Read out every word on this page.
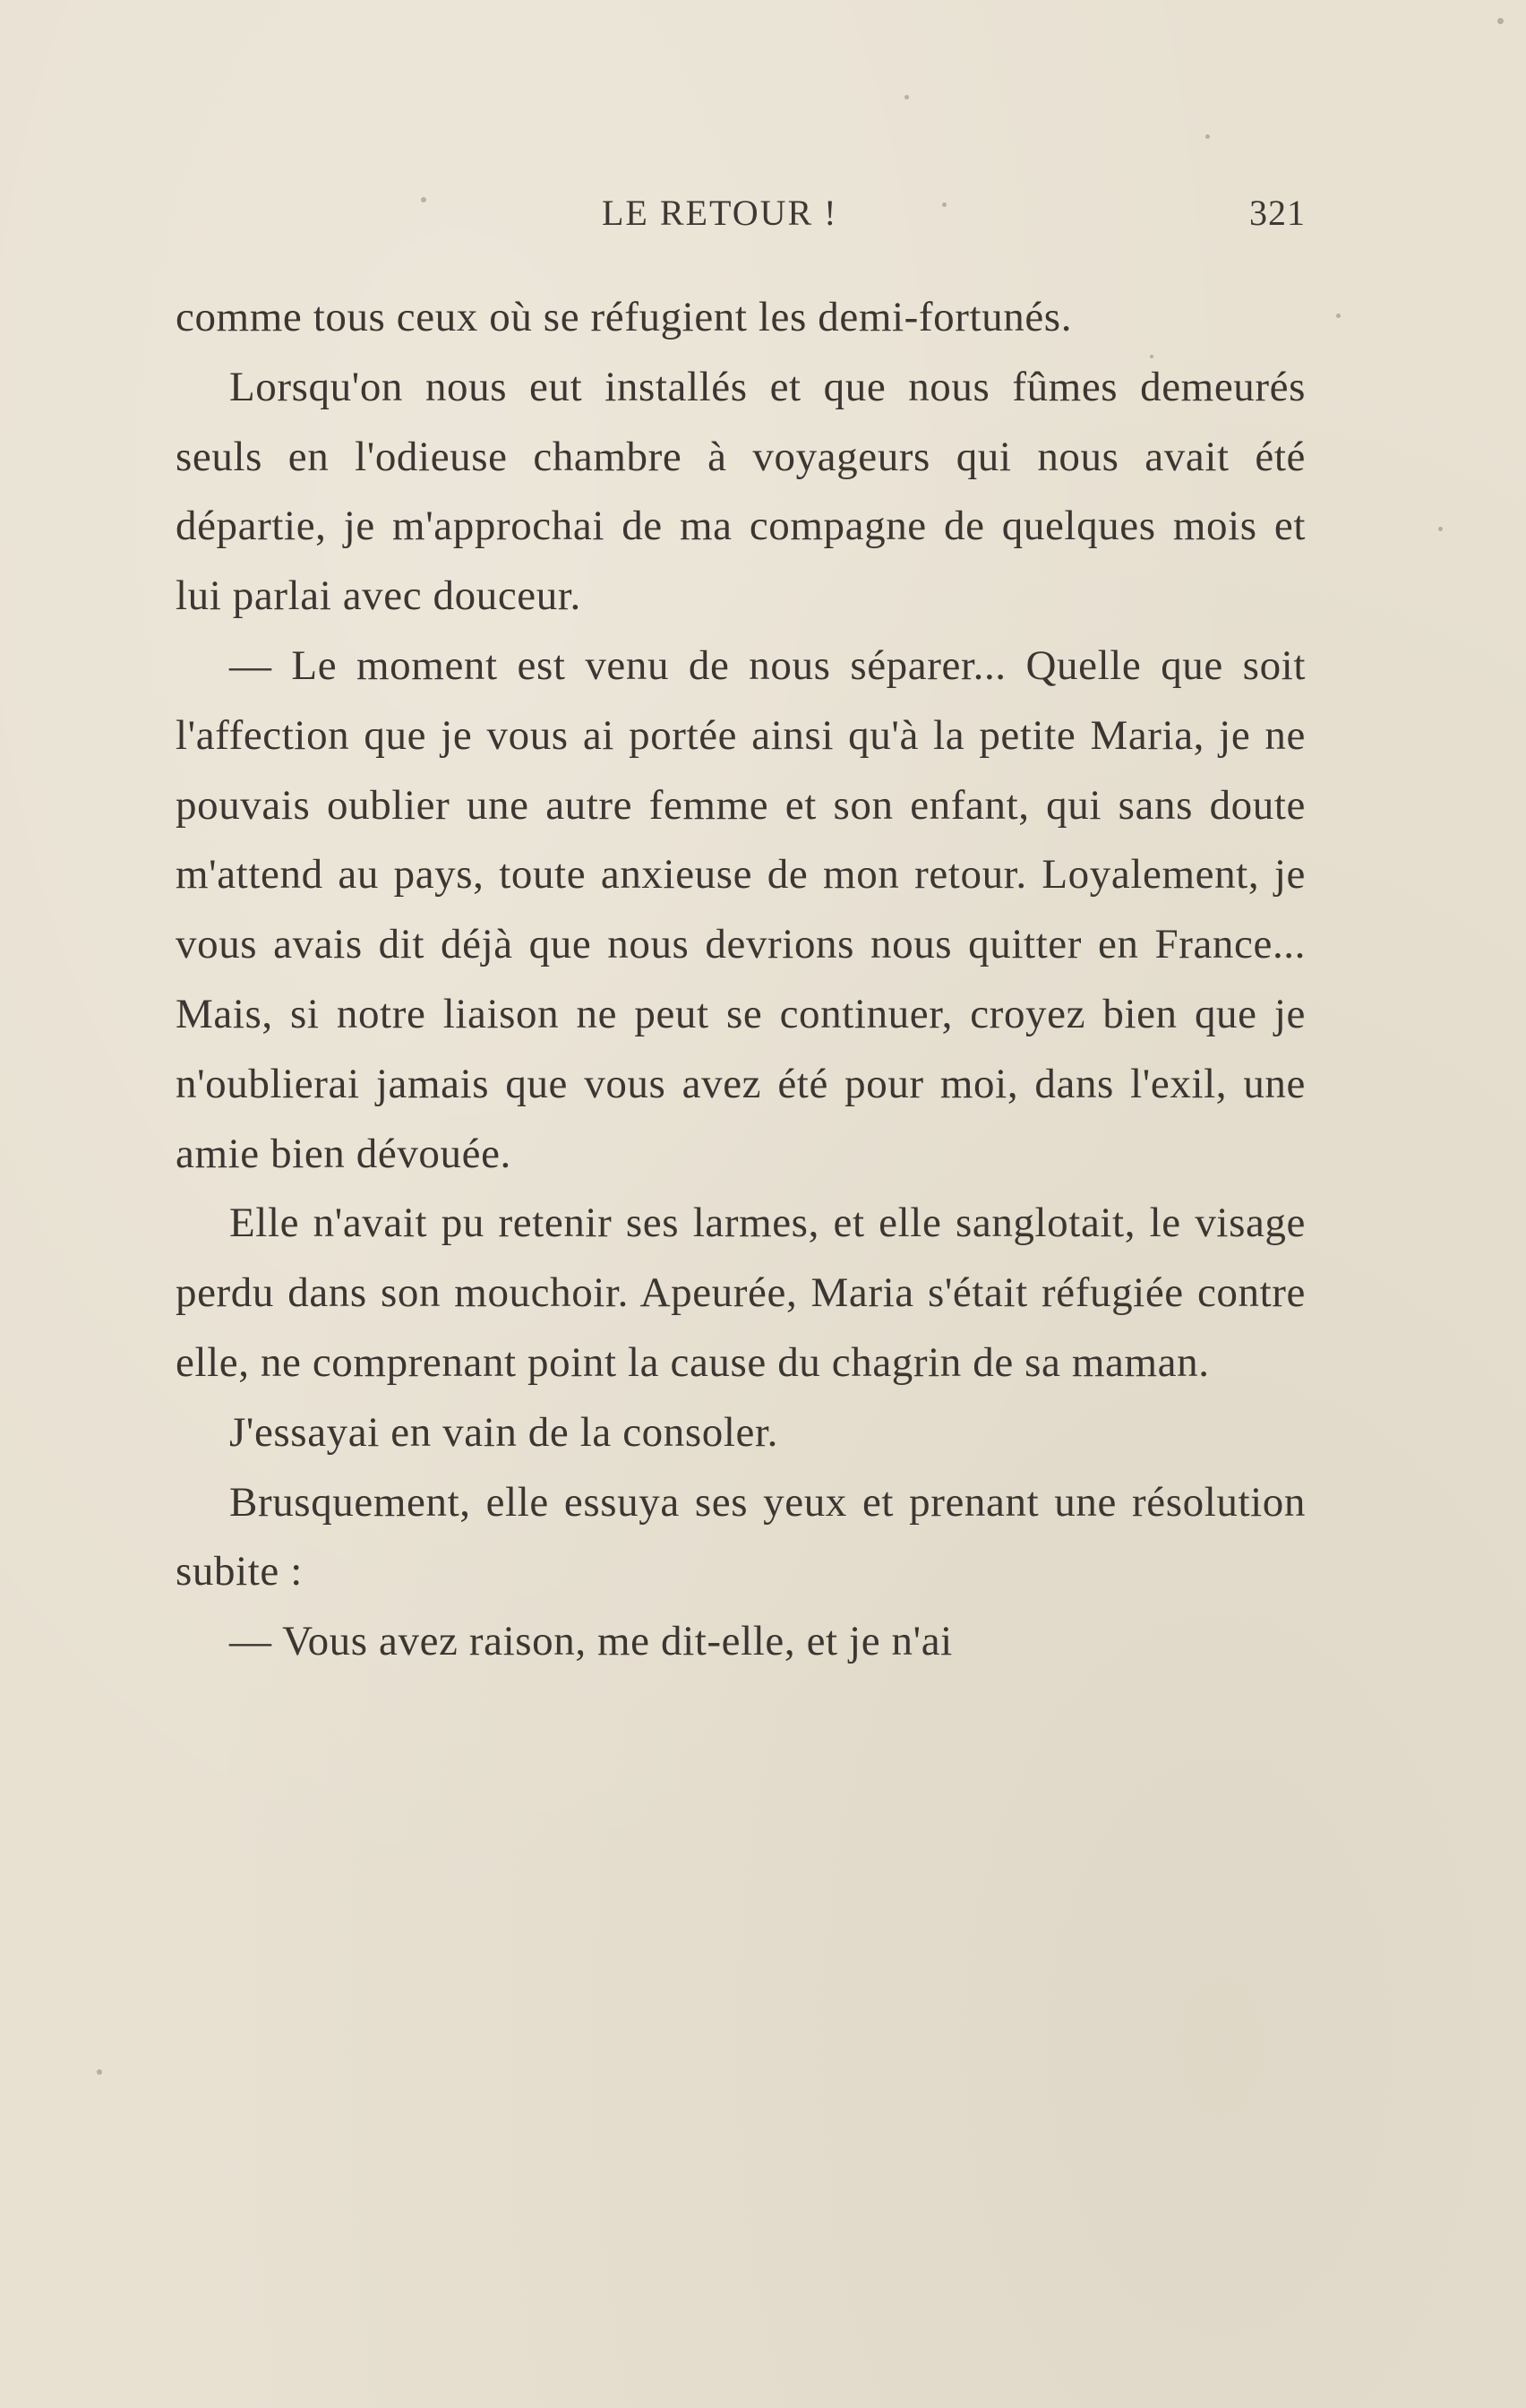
LE RETOUR !	321

comme tous ceux où se réfugient les demi-fortunés.

Lorsqu'on nous eut installés et que nous fûmes demeurés seuls en l'odieuse chambre à voyageurs qui nous avait été départie, je m'approchai de ma compagne de quelques mois et lui parlai avec douceur.

— Le moment est venu de nous séparer... Quelle que soit l'affection que je vous ai portée ainsi qu'à la petite Maria, je ne pouvais oublier une autre femme et son enfant, qui sans doute m'attend au pays, toute anxieuse de mon retour. Loyalement, je vous avais dit déjà que nous devrions nous quitter en France... Mais, si notre liaison ne peut se continuer, croyez bien que je n'oublierai jamais que vous avez été pour moi, dans l'exil, une amie bien dévouée.

Elle n'avait pu retenir ses larmes, et elle sanglotait, le visage perdu dans son mouchoir. Apeurée, Maria s'était réfugiée contre elle, ne comprenant point la cause du chagrin de sa maman.

J'essayai en vain de la consoler.

Brusquement, elle essuya ses yeux et prenant une résolution subite :

— Vous avez raison, me dit-elle, et je n'ai
